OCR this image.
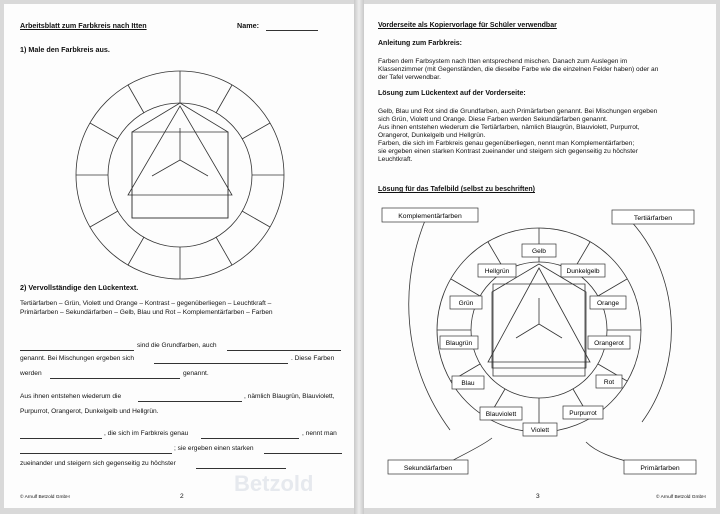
Arbeitsblatt zum Farbkreis nach Itten	Name:
1) Male den Farbkreis aus.
2) Vervollständige den Lückentext.
Tertiärfarben – Grün, Violett und Orange – Kontrast – gegenüberliegen – Leuchtkraft –
Primärfarben – Sekundärfarben – Gelb, Blau und Rot – Komplementärfarben – Farben
sind die Grundfarben, auch
genannt. Bei Mischungen ergeben sich	. Diese Farben
werden	genannt.
Aus ihnen entstehen wiederum die	, nämlich Blaugrün, Blauviolett,
Purpurrot, Orangerot, Dunkelgelb und Hellgrün.
, die sich im Farbkreis genau	, nennt man
; sie ergeben einen starken
zueinander und steigern sich gegenseitig zu höchster
Betzold
© Arnulf Betzold GmbH	2
Vorderseite als Kopiervorlage für Schüler verwendbar
Anleitung zum Farbkreis:
Farben dem Farbsystem nach Itten entsprechend mischen. Danach zum Auslegen im
Klassenzimmer (mit Gegenständen, die dieselbe Farbe wie die einzelnen Felder haben) oder an
der Tafel verwendbar.
Lösung zum Lückentext auf der Vorderseite:
Gelb, Blau und Rot sind die Grundfarben, auch Primärfarben genannt. Bei Mischungen ergeben
sich Grün, Violett und Orange. Diese Farben werden Sekundärfarben genannt.
Aus ihnen entstehen wiederum die Tertiärfarben, nämlich Blaugrün, Blauviolett, Purpurrot,
Orangerot, Dunkelgelb und Hellgrün.
Farben, die sich im Farbkreis genau gegenüberliegen, nennt man Komplementärfarben;
sie ergeben einen starken Kontrast zueinander und steigern sich gegenseitig zu höchster
Leuchtkraft.
Lösung für das Tafelbild (selbst zu beschriften)
Komplementärfarben	Tertiärfarben
Sekundärfarben	Primärfarben
Gelb
Dunkelgelb
Orange
Orangerot
Rot
Purpurrot
Violett
Blauviolett
Blau
Blaugrün
Grün
Hellgrün
3	© Arnulf Betzold GmbH
